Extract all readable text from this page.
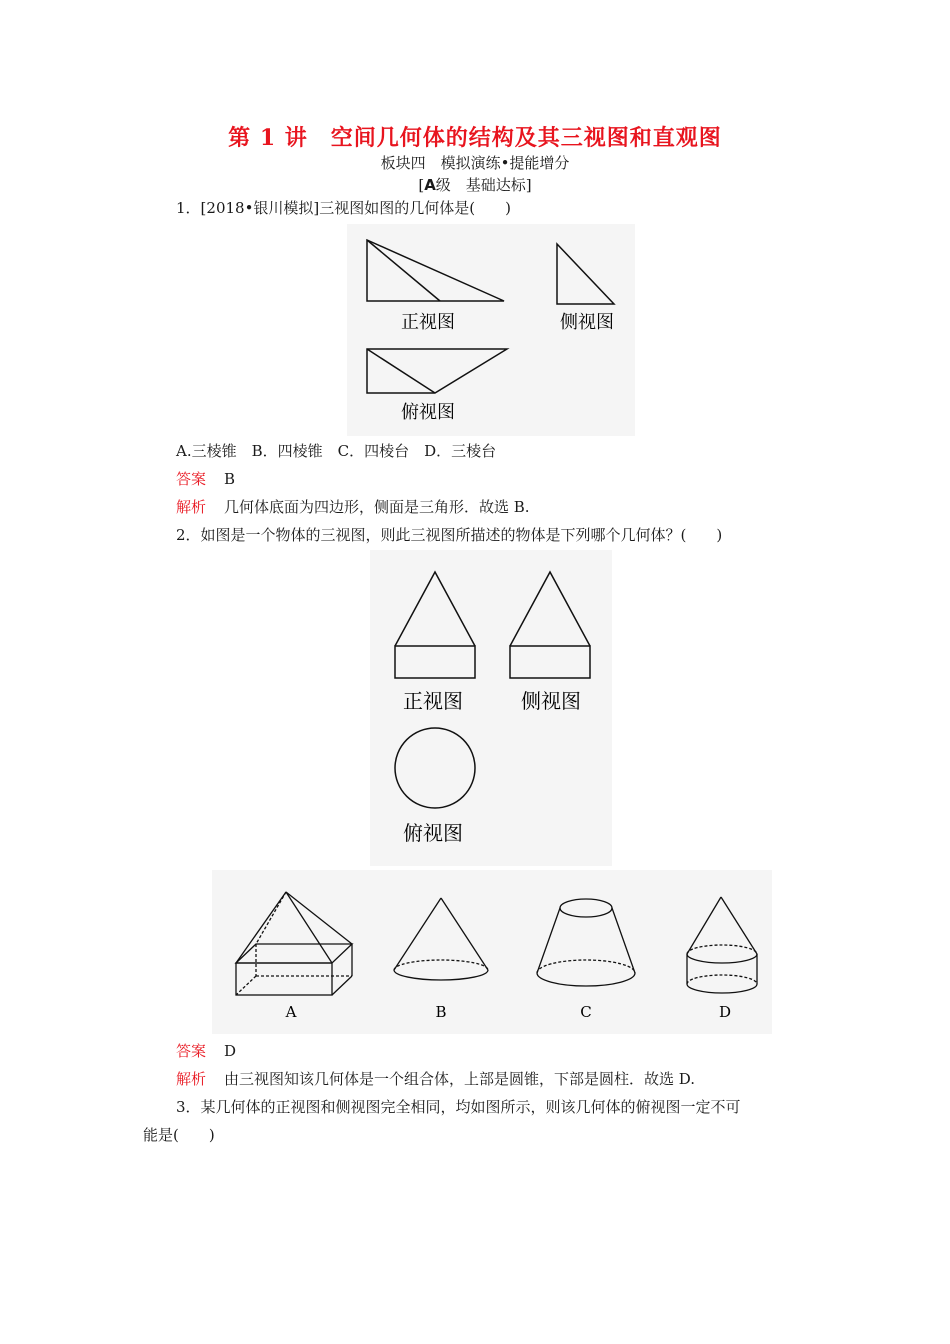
第 1 讲　空间几何体的结构及其三视图和直观图
板块四　模拟演练•提能增分
[A级　基础达标]
1．[2018•银川模拟]三视图如图的几何体是(　　)
正视图	侧视图
俯视图
A.三棱锥　B．四棱锥　C．四棱台　D．三棱台
答案 B
解析 几何体底面为四边形，侧面是三角形．故选 B.
2．如图是一个物体的三视图，则此三视图所描述的物体是下列哪个几何体？(　　)
正视图	侧视图
俯视图
A	B	C	D
答案 D
解析 由三视图知该几何体是一个组合体，上部是圆锥，下部是圆柱．故选 D.
3．某几何体的正视图和侧视图完全相同，均如图所示，则该几何体的俯视图一定不可
能是(　　)
